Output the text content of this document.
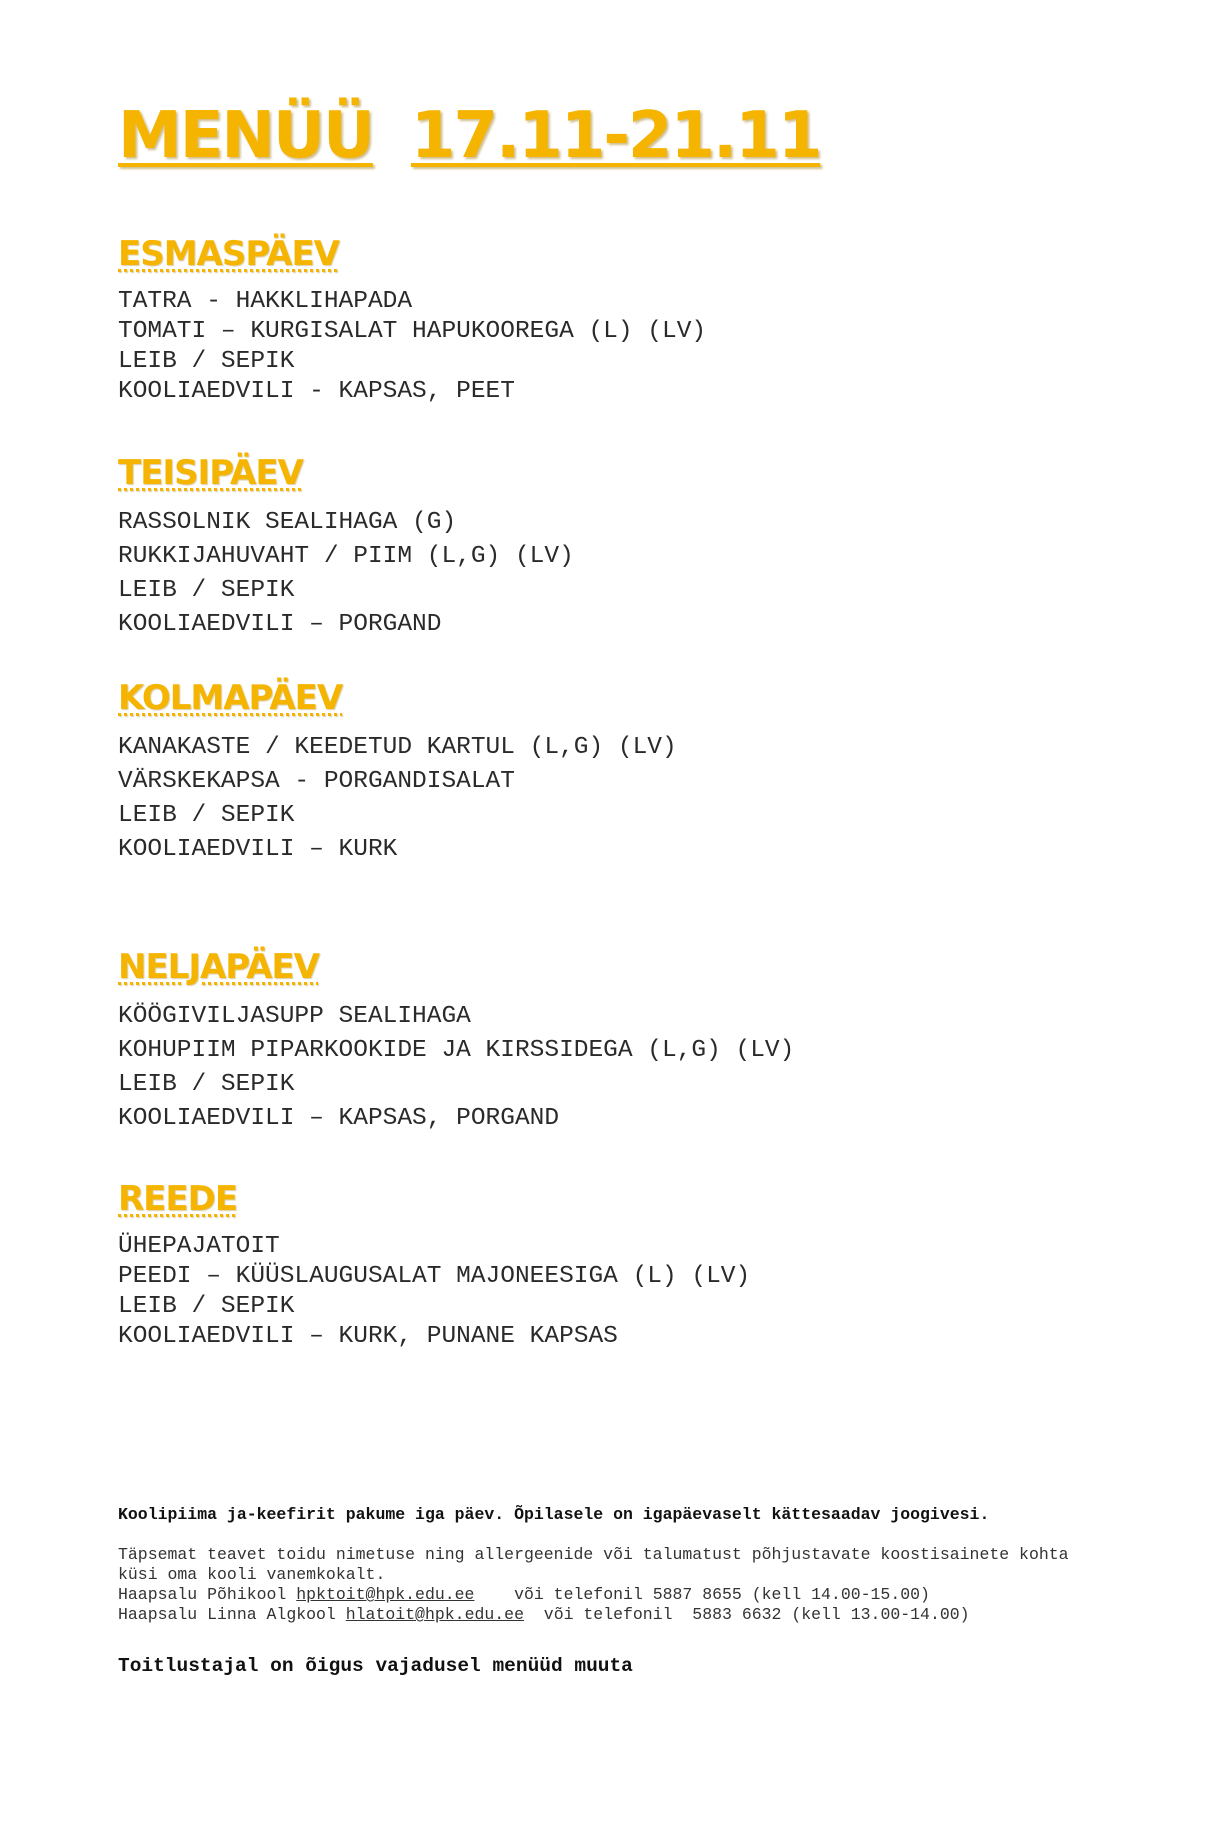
MENÜÜ 17.11-21.11
ESMASPÄEV
TATRA - HAKKLIHAPADA
TOMATI – KURGISALAT HAPUKOOREGA (L) (LV)
LEIB / SEPIK
KOOLIAEDVILI - KAPSAS, PEET
TEISIPÄEV
RASSOLNIK SEALIHAGA (G)
RUKKIJAHUVAHT / PIIM (L,G) (LV)
LEIB / SEPIK
KOOLIAEDVILI – PORGAND
KOLMAPÄEV
KANAKASTE / KEEDETUD KARTUL (L,G) (LV)
VÄRSKEKAPSA - PORGANDISALAT
LEIB / SEPIK
KOOLIAEDVILI – KURK
NELJAPÄEV
KÖÖGIVILJASUPP SEALIHAGA
KOHUPIIM PIPARKOOKIDE JA KIRSSIDEGA (L,G) (LV)
LEIB / SEPIK
KOOLIAEDVILI – KAPSAS, PORGAND
REEDE
ÜHEPAJATOIT
PEEDI – KÜÜSLAUGUSALAT MAJONEESIGA (L) (LV)
LEIB / SEPIK
KOOLIAEDVILI – KURK, PUNANE KAPSAS

Koolipiima ja-keefirit pakume iga päev. Õpilasele on igapäevaselt kättesaadav joogivesi.

Täpsemat teavet toidu nimetuse ning allergeenide või talumatust põhjustavate koostisainete kohta

küsi oma kooli vanemkokalt.

Haapsalu Põhikool hpktoit@hpk.edu.ee    või telefonil 5887 8655 (kell 14.00-15.00)

Haapsalu Linna Algkool hlatoit@hpk.edu.ee  või telefonil  5883 6632 (kell 13.00-14.00)

Toitlustajal on õigus vajadusel menüüd muuta
